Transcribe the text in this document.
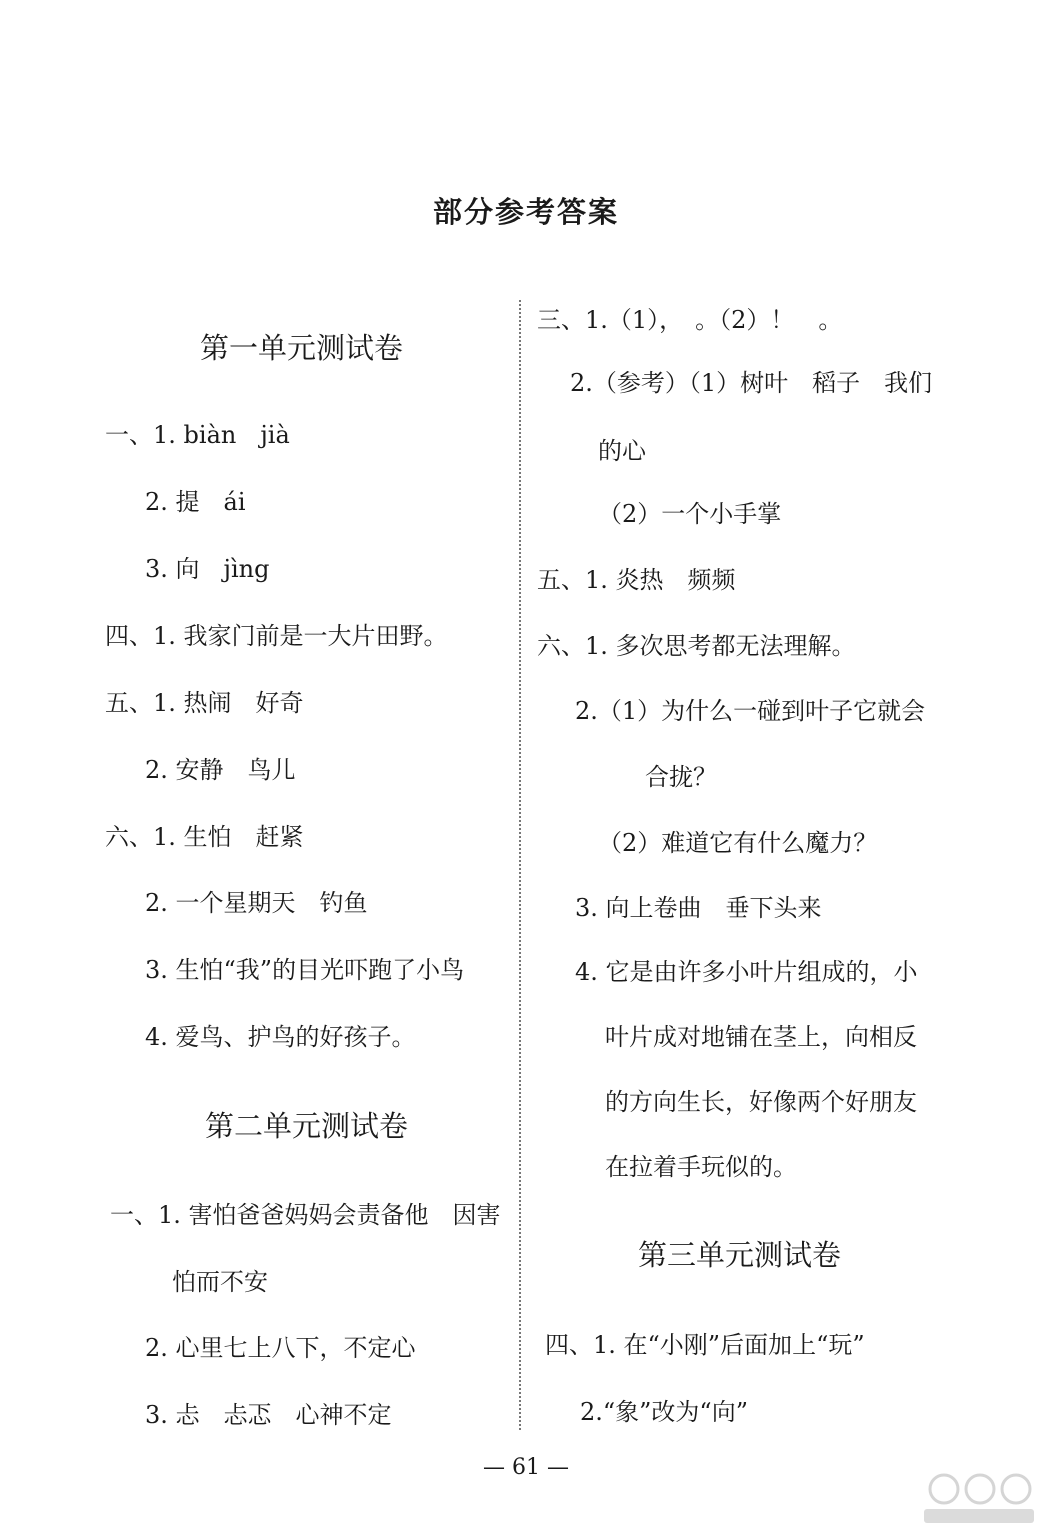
部分参考答案
第一单元测试卷
一、1. biàn　jià
2. 提　ái
3. 向　jìng
四、1. 我家门前是一大片田野。
五、1. 热闹　好奇
2. 安静　鸟儿
六、1. 生怕　赶紧
2. 一个星期天　钓鱼
3. 生怕“我”的目光吓跑了小鸟
4. 爱鸟、护鸟的好孩子。
第二单元测试卷
一、1. 害怕爸爸妈妈会责备他　因害
怕而不安
2. 心里七上八下，不定心
3. 忐　忐忑　心神不定
三、1.（1），　。（2）！　。
2.（参考）（1）树叶　稻子　我们
的心
（2）一个小手掌
五、1. 炎热　频频
六、1. 多次思考都无法理解。
2.（1）为什么一碰到叶子它就会
合拢？
（2）难道它有什么魔力？
3. 向上卷曲　垂下头来
4. 它是由许多小叶片组成的，小
叶片成对地铺在茎上，向相反
的方向生长，好像两个好朋友
在拉着手玩似的。
第三单元测试卷
四、1. 在“小刚”后面加上“玩”
2.“象”改为“向”
— 61 —
